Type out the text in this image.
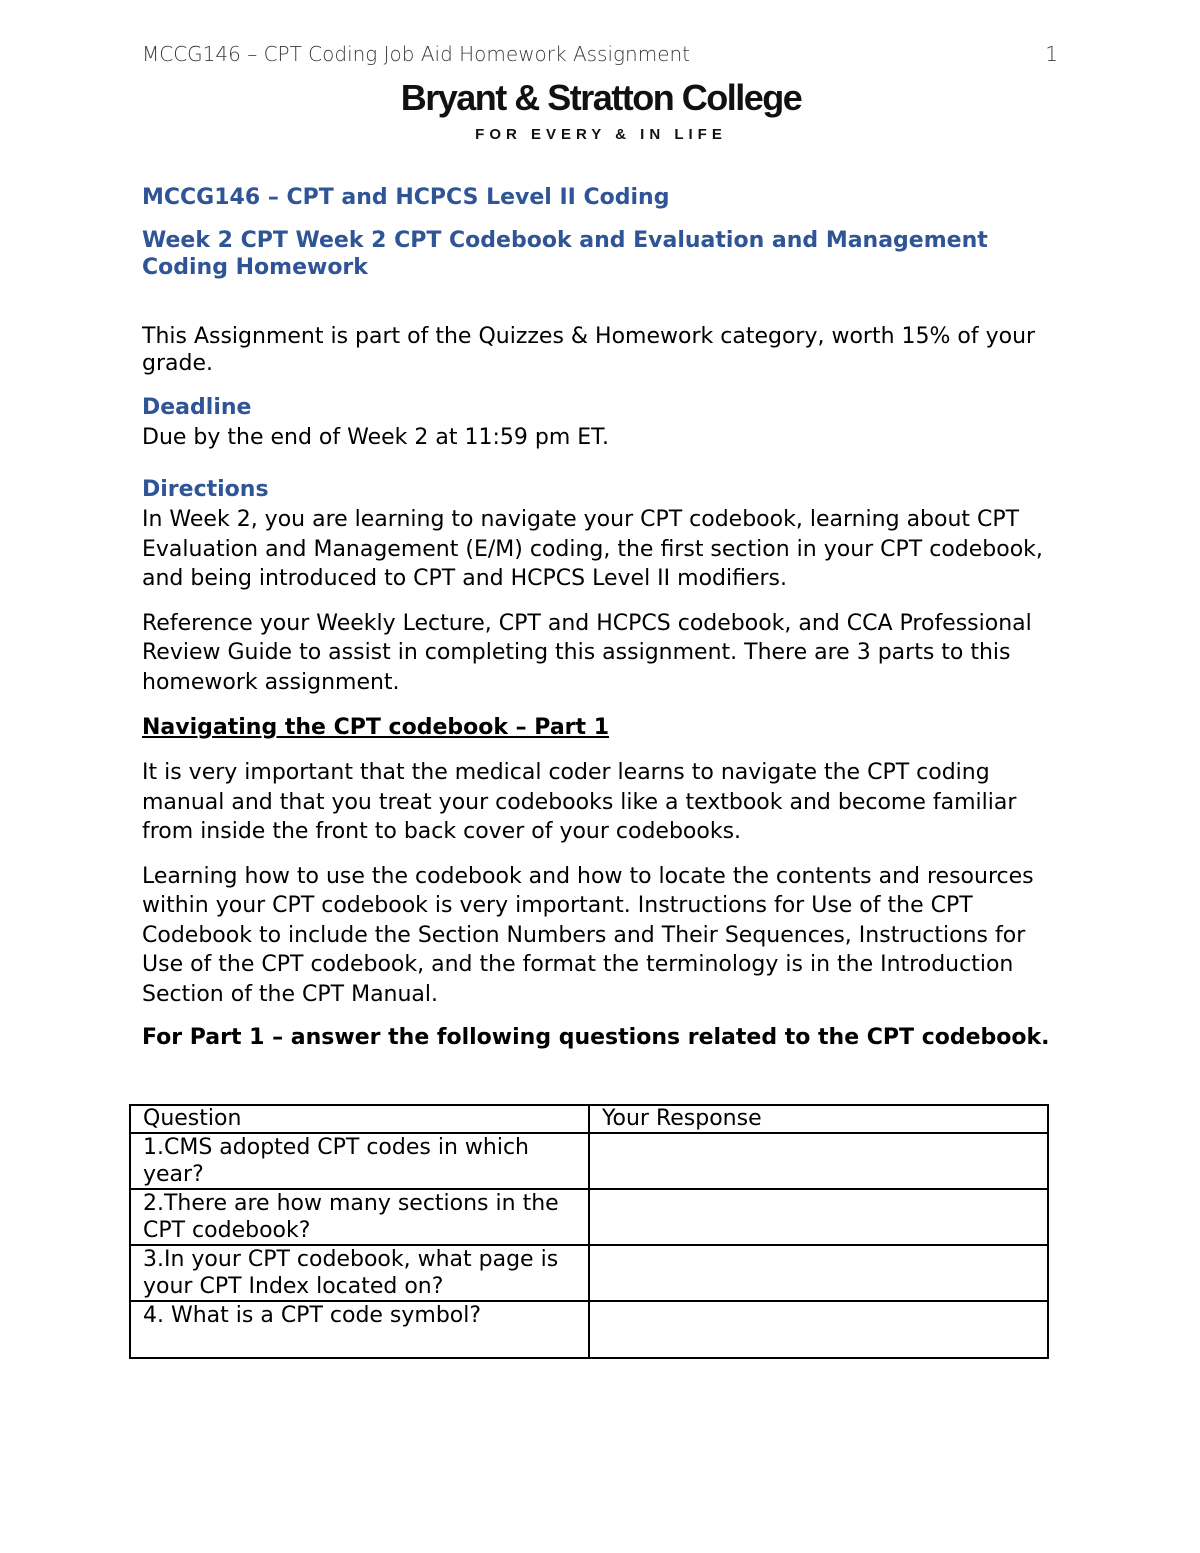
MCCG146 – CPT Coding Job Aid Homework Assignment	1
Bryant & Stratton College
FOR EVERY & IN LIFE
MCCG146 – CPT and HCPCS Level II Coding
Week 2 CPT Week 2 CPT Codebook and Evaluation and Management Coding Homework

This Assignment is part of the Quizzes & Homework category, worth 15% of your grade.

Deadline

Due by the end of Week 2 at 11:59 pm ET.

Directions

In Week 2, you are learning to navigate your CPT codebook, learning about CPT Evaluation and Management (E/M) coding, the first section in your CPT codebook, and being introduced to CPT and HCPCS Level II modifiers.

Reference your Weekly Lecture, CPT and HCPCS codebook, and CCA Professional Review Guide to assist in completing this assignment. There are 3 parts to this homework assignment.

Navigating the CPT codebook – Part 1

It is very important that the medical coder learns to navigate the CPT coding manual and that you treat your codebooks like a textbook and become familiar from inside the front to back cover of your codebooks.

Learning how to use the codebook and how to locate the contents and resources within your CPT codebook is very important. Instructions for Use of the CPT Codebook to include the Section Numbers and Their Sequences, Instructions for Use of the CPT codebook, and the format the terminology is in the Introduction Section of the CPT Manual.

For Part 1 – answer the following questions related to the CPT codebook.

Question	Your Response
1.CMS adopted CPT codes in which year?	
2.There are how many sections in the CPT codebook?	
3.In your CPT codebook, what page is your CPT Index located on?	
4. What is a CPT code symbol?	
